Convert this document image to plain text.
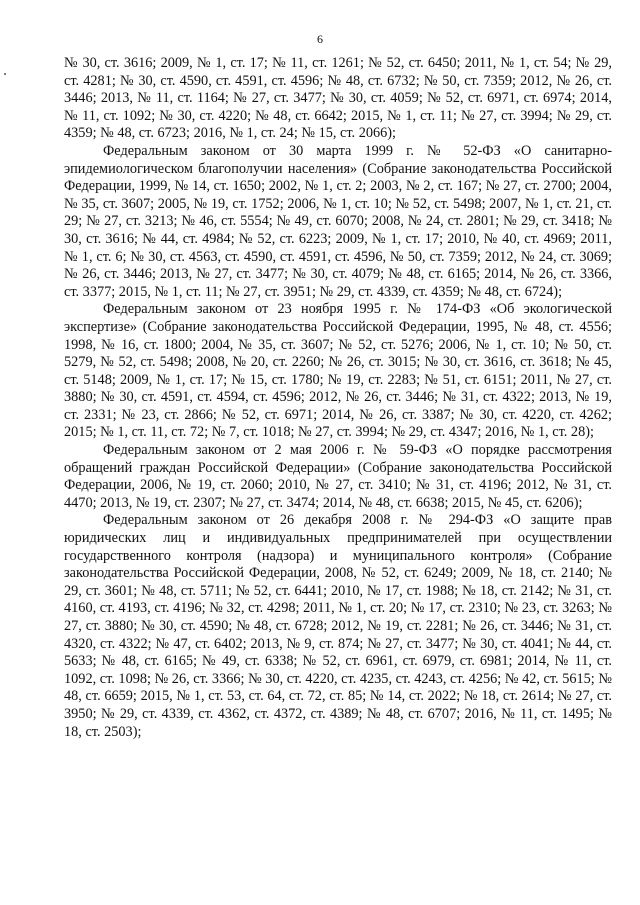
6

№ 30, ст. 3616; 2009, № 1, ст. 17; № 11, ст. 1261; № 52, ст. 6450; 2011, № 1, ст. 54; № 29, ст. 4281; № 30, ст. 4590, ст. 4591, ст. 4596; № 48, ст. 6732; № 50, ст. 7359; 2012, № 26, ст. 3446; 2013, № 11, ст. 1164; № 27, ст. 3477; № 30, ст. 4059; № 52, ст. 6971, ст. 6974; 2014, № 11, ст. 1092; № 30, ст. 4220; № 48, ст. 6642; 2015, № 1, ст. 11; № 27, ст. 3994; № 29, ст. 4359; № 48, ст. 6723; 2016, № 1, ст. 24; № 15, ст. 2066);

Федеральным законом от 30 марта 1999 г. № 52-ФЗ «О санитарно-эпидемиологическом благополучии населения» (Собрание законодательства Российской Федерации, 1999, № 14, ст. 1650; 2002, № 1, ст. 2; 2003, № 2, ст. 167; № 27, ст. 2700; 2004, № 35, ст. 3607; 2005, № 19, ст. 1752; 2006, № 1, ст. 10; № 52, ст. 5498; 2007, № 1, ст. 21, ст. 29; № 27, ст. 3213; № 46, ст. 5554; № 49, ст. 6070; 2008, № 24, ст. 2801; № 29, ст. 3418; № 30, ст. 3616; № 44, ст. 4984; № 52, ст. 6223; 2009, № 1, ст. 17; 2010, № 40, ст. 4969; 2011, № 1, ст. 6; № 30, ст. 4563, ст. 4590, ст. 4591, ст. 4596, № 50, ст. 7359; 2012, № 24, ст. 3069; № 26, ст. 3446; 2013, № 27, ст. 3477; № 30, ст. 4079; № 48, ст. 6165; 2014, № 26, ст. 3366, ст. 3377; 2015, № 1, ст. 11; № 27, ст. 3951; № 29, ст. 4339, ст. 4359; № 48, ст. 6724);

Федеральным законом от 23 ноября 1995 г. № 174-ФЗ «Об экологической экспертизе» (Собрание законодательства Российской Федерации, 1995, № 48, ст. 4556; 1998, № 16, ст. 1800; 2004, № 35, ст. 3607; № 52, ст. 5276; 2006, № 1, ст. 10; № 50, ст. 5279, № 52, ст. 5498; 2008, № 20, ст. 2260; № 26, ст. 3015; № 30, ст. 3616, ст. 3618; № 45, ст. 5148; 2009, № 1, ст. 17; № 15, ст. 1780; № 19, ст. 2283; № 51, ст. 6151; 2011, № 27, ст. 3880; № 30, ст. 4591, ст. 4594, ст. 4596; 2012, № 26, ст. 3446; № 31, ст. 4322; 2013, № 19, ст. 2331; № 23, ст. 2866; № 52, ст. 6971; 2014, № 26, ст. 3387; № 30, ст. 4220, ст. 4262; 2015; № 1, ст. 11, ст. 72; № 7, ст. 1018; № 27, ст. 3994; № 29, ст. 4347; 2016, № 1, ст. 28);

Федеральным законом от 2 мая 2006 г. № 59-ФЗ «О порядке рассмотрения обращений граждан Российской Федерации» (Собрание законодательства Российской Федерации, 2006, № 19, ст. 2060; 2010, № 27, ст. 3410; № 31, ст. 4196; 2012, № 31, ст. 4470; 2013, № 19, ст. 2307; № 27, ст. 3474; 2014, № 48, ст. 6638; 2015, № 45, ст. 6206);

Федеральным законом от 26 декабря 2008 г. № 294-ФЗ «О защите прав юридических лиц и индивидуальных предпринимателей при осуществлении государственного контроля (надзора) и муниципального контроля» (Собрание законодательства Российской Федерации, 2008, № 52, ст. 6249; 2009, № 18, ст. 2140; № 29, ст. 3601; № 48, ст. 5711; № 52, ст. 6441; 2010, № 17, ст. 1988; № 18, ст. 2142; № 31, ст. 4160, ст. 4193, ст. 4196; № 32, ст. 4298; 2011, № 1, ст. 20; № 17, ст. 2310; № 23, ст. 3263; № 27, ст. 3880; № 30, ст. 4590; № 48, ст. 6728; 2012, № 19, ст. 2281; № 26, ст. 3446; № 31, ст. 4320, ст. 4322; № 47, ст. 6402; 2013, № 9, ст. 874; № 27, ст. 3477; № 30, ст. 4041; № 44, ст. 5633; № 48, ст. 6165; № 49, ст. 6338; № 52, ст. 6961, ст. 6979, ст. 6981; 2014, № 11, ст. 1092, ст. 1098; № 26, ст. 3366; № 30, ст. 4220, ст. 4235, ст. 4243, ст. 4256; № 42, ст. 5615; № 48, ст. 6659; 2015, № 1, ст. 53, ст. 64, ст. 72, ст. 85; № 14, ст. 2022; № 18, ст. 2614; № 27, ст. 3950; № 29, ст. 4339, ст. 4362, ст. 4372, ст. 4389; № 48, ст. 6707; 2016, № 11, ст. 1495; № 18, ст. 2503);
